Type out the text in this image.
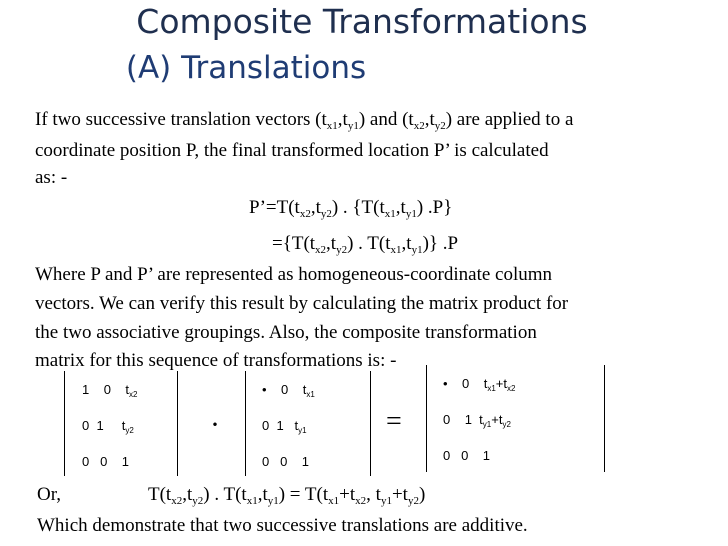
Composite Transformations
(A) Translations
If two successive translation vectors $(t_{x1},t_{y1})$ and $(t_{x2},t_{y2})$ are applied to a
coordinate position P, the final transformed location P’ is calculated
as: -
$P’=T(t_{x2},t_{y2})$ . {$T(t_{x1},t_{y1})$ .P}
$=\{T(t_{x2},t_{y2})$ . $T(t_{x1},t_{y1})$} .P
Where P and P’ are represented as homogeneous-coordinate column
vectors. We can verify this result by calculating the matrix product for
the two associative groupings. Also, the composite transformation
matrix for this sequence of transformations is: -
1 0 $t_{x2}$
0 1 $t_{y2}$
0 0 1
·
• 0 $t_{x1}$
0 1 $t_{y1}$
0 0 1
=
• 0 $t_{x1}+t_{x2}$
0 1 $t_{y1}+t_{y2}$
0 0 1
Or,	$T(t_{x2},t_{y2})$ . $T(t_{x1},t_{y1}) = T(t_{x1}+t_{x2}$, $t_{y1}+t_{y2}$)
Which demonstrate that two successive translations are additive.
